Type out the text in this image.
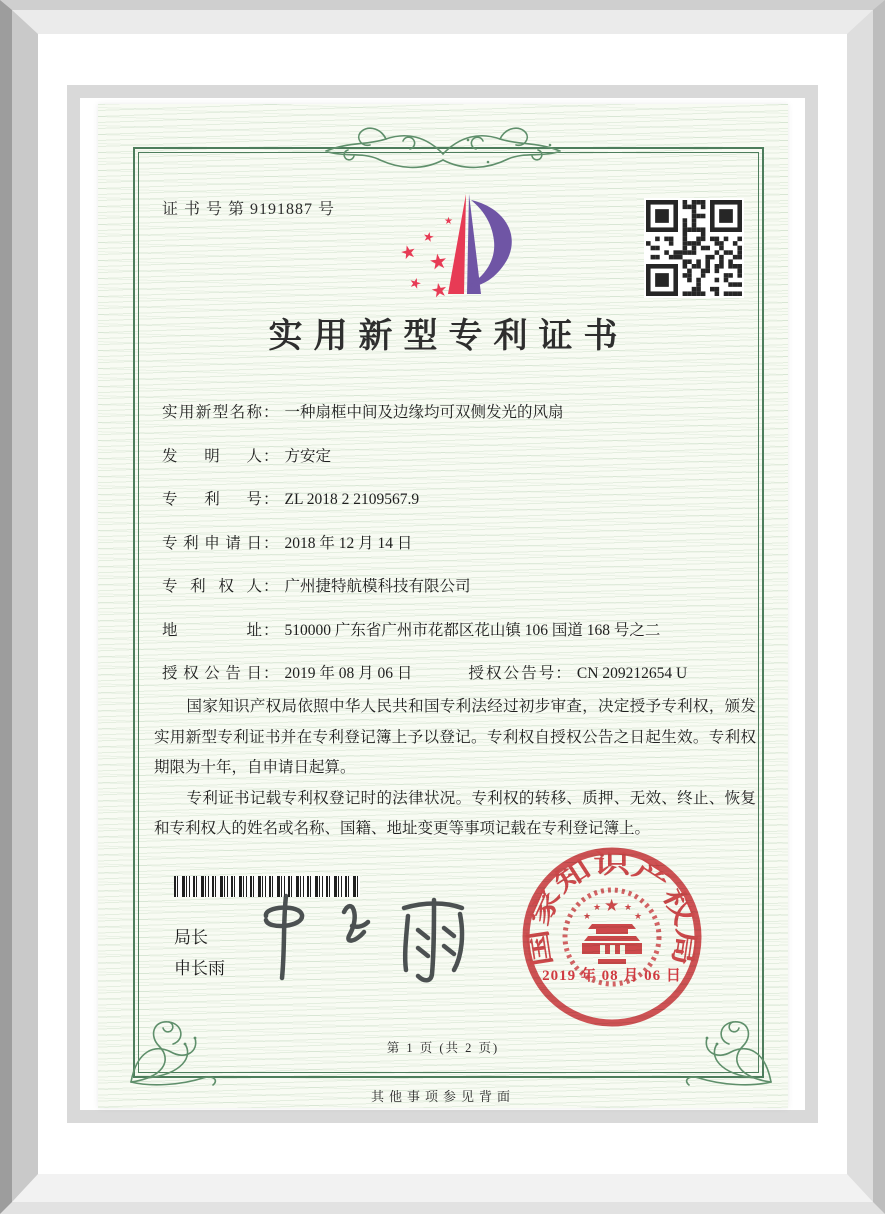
证 书 号 第 9191887 号
★
★
★
★ ★
★
实用新型专利证书
实用新型名称 ： 一种扇框中间及边缘均可双侧发光的风扇
发明人 ： 方安定
专利号 ： ZL 2018 2 2109567.9
专利申请日 ： 2018 年 12 月 14 日
专利权人 ： 广州捷特航模科技有限公司
地址 ： 510000 广东省广州市花都区花山镇 106 国道 168 号之二
授权公告日 ： 2019 年 08 月 06 日	授权公告号 ： CN 209212654 U

国家知识产权局依照中华人民共和国专利法经过初步审查，决定授予专利权，颁发实用新型专利证书并在专利登记簿上予以登记。专利权自授权公告之日起生效。专利权期限为十年，自申请日起算。

专利证书记载专利权登记时的法律状况。专利权的转移、质押、无效、终止、恢复和专利权人的姓名或名称、国籍、地址变更等事项记载在专利登记簿上。

局长
申长雨
国家知识产权局
★
★
★	★
★
2019 年 08 月 06 日
第 1 页 (共 2 页)
其他事项参见背面
